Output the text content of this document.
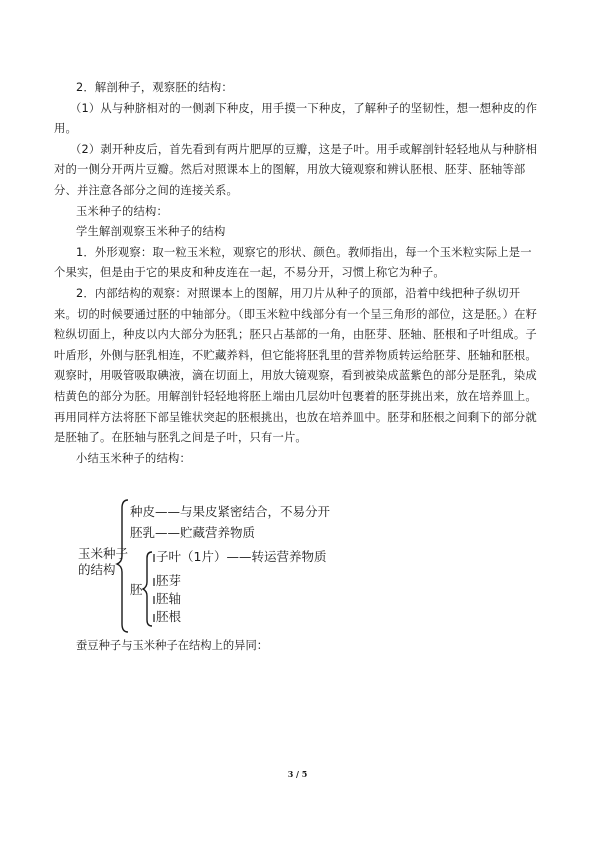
2．解剖种子，观察胚的结构：

（1）从与种脐相对的一侧剥下种皮，用手摸一下种皮，了解种子的坚韧性，想一想种皮的作用。

（2）剥开种皮后，首先看到有两片肥厚的豆瓣，这是子叶。用手或解剖针轻轻地从与种脐相对的一侧分开两片豆瓣。然后对照课本上的图解，用放大镜观察和辨认胚根、胚芽、胚轴等部分、并注意各部分之间的连接关系。

玉米种子的结构：

学生解剖观察玉米种子的结构

1．外形观察：取一粒玉米粒，观察它的形状、颜色。教师指出，每一个玉米粒实际上是一个果实，但是由于它的果皮和种皮连在一起，不易分开，习惯上称它为种子。

2．内部结构的观察：对照课本上的图解，用刀片从种子的顶部，沿着中线把种子纵切开来。切的时候要通过胚的中轴部分。（即玉米粒中线部分有一个呈三角形的部位，这是胚。）在籽粒纵切面上，种皮以内大部分为胚乳；胚只占基部的一角，由胚芽、胚轴、胚根和子叶组成。子叶盾形，外侧与胚乳相连，不贮藏养料，但它能将胚乳里的营养物质转运给胚芽、胚轴和胚根。观察时，用吸管吸取碘液，滴在切面上，用放大镜观察，看到被染成蓝紫色的部分是胚乳，染成桔黄色的部分为胚。用解剖针轻轻地将胚上端由几层幼叶包裹着的胚芽挑出来，放在培养皿上。再用同样方法将胚下部呈锥状突起的胚根挑出，也放在培养皿中。胚芽和胚根之间剩下的部分就是胚轴了。在胚轴与胚乳之间是子叶，只有一片。

小结玉米种子的结构：

玉米种子
的结构
种皮——与果皮紧密结合，不易分开
胚乳——贮藏营养物质
胚
子叶（1片）——转运营养物质
胚芽
胚轴
胚根

蚕豆种子与玉米种子在结构上的异同：

3 / 5
